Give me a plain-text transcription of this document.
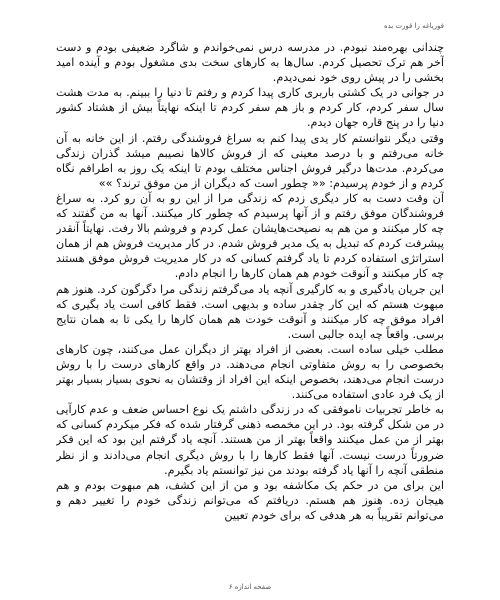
فوریاغه را قورت بده

چندانی بهره‌مند نبودم. در مدرسه درس نمی‌خواندم و شاگرد ضعیفی بودم و دست آخر هم ترک تحصیل کردم. سال‌ها به کارهای سخت بدی مشغول بودم و آینده امید بخشی را در پیش روی خود نمی‌دیدم.

در جوانی در یک کشتی باربری کاری پیدا کردم و رفتم تا دنیا را ببینم. به مدت هشت سال سفر کردم، کار کردم و باز هم سفر کردم تا اینکه نهایتاً بیش از هشتاد کشور دنیا را در پنج قاره جهان دیدم.

وقتی دیگر نتوانستم کار یدی پیدا کنم به سراغ فروشندگی رفتم. از این خانه به آن خانه می‌رفتم و با درصد معینی که از فروش کالاها نصیبم میشد گذران زندگی می‌کردم. مدت‌ها درگیر فروش اجناس مختلف بودم تا اینکه یک روز به اطرافم نگاه کردم و از خودم پرسیدم: «« چطور است که دیگران از من موفق ترند؟ »»

آن وقت دست به کار دیگری زدم که زندگی مرا از این رو به آن رو کرد. به سراغ فروشندگان موفق رفتم و از آنها پرسیدم که چطور کار میکنند. آنها به من گفتند که چه کار میکنند و من هم به نصیحت‌هایشان عمل کردم و فروشم بالا رفت. نهایتاً آنقدر پیشرفت کردم که تبدیل به یک مدیر فروش شدم. در کار مدیریت فروش هم از همان استراتژی استفاده کردم تا یاد گرفتم کسانی که در کار مدیریت فروش موفق هستند چه کار میکنند و آنوقت خودم هم همان کارها را انجام دادم.

این جریان یادگیری و به کارگیری آنچه یاد می‌گرفتم زندگی مرا دگرگون کرد. هنوز هم مبهوت هستم که این کار چقدر ساده و بدیهی است. فقط کافی است یاد بگیری که افراد موفق چه کار میکنند و آنوقت خودت هم همان کارها را یکی تا به همان نتایج برسی. واقعاً چه ایده جالبی است.

مطلب خیلی ساده است. بعضی از افراد بهتر از دیگران عمل می‌کنند، چون کارهای بخصوصی را به روش متفاوتی انجام می‌دهند. در واقع کارهای درست را با روش درست انجام می‌دهند، بخصوص اینکه این افراد از وقتشان به نحوی بسیار بسیار بهتر از یک فرد عادی استفاده می‌کنند.

به خاطر تجربیات ناموفقی که در زندگی داشتم یک نوع احساس ضعف و عدم کارآیی در من شکل گرفته بود. در این مخمصه ذهنی گرفتار شده که فکر میکردم کسانی که بهتر از من عمل میکنند واقعاً بهتر از من هستند. آنچه یاد گرفتم این بود که این فکر ضرورتاً درست نیست. آنها فقط کارها را با روش دیگری انجام می‌دادند و از نظر منطقی آنچه را آنها یاد گرفته بودند من نیز توانستم یاد بگیرم.

این برای من در حکم یک مکاشفه بود و من از این کشف، هم مبهوت بودم و هم هیجان زده. هنوز هم هستم. دریافتم که می‌توانم زندگی خودم را تغییر دهم و می‌توانم تقریباً به هر هدفی که برای خودم تعیین

صفحه اندازه ۶
